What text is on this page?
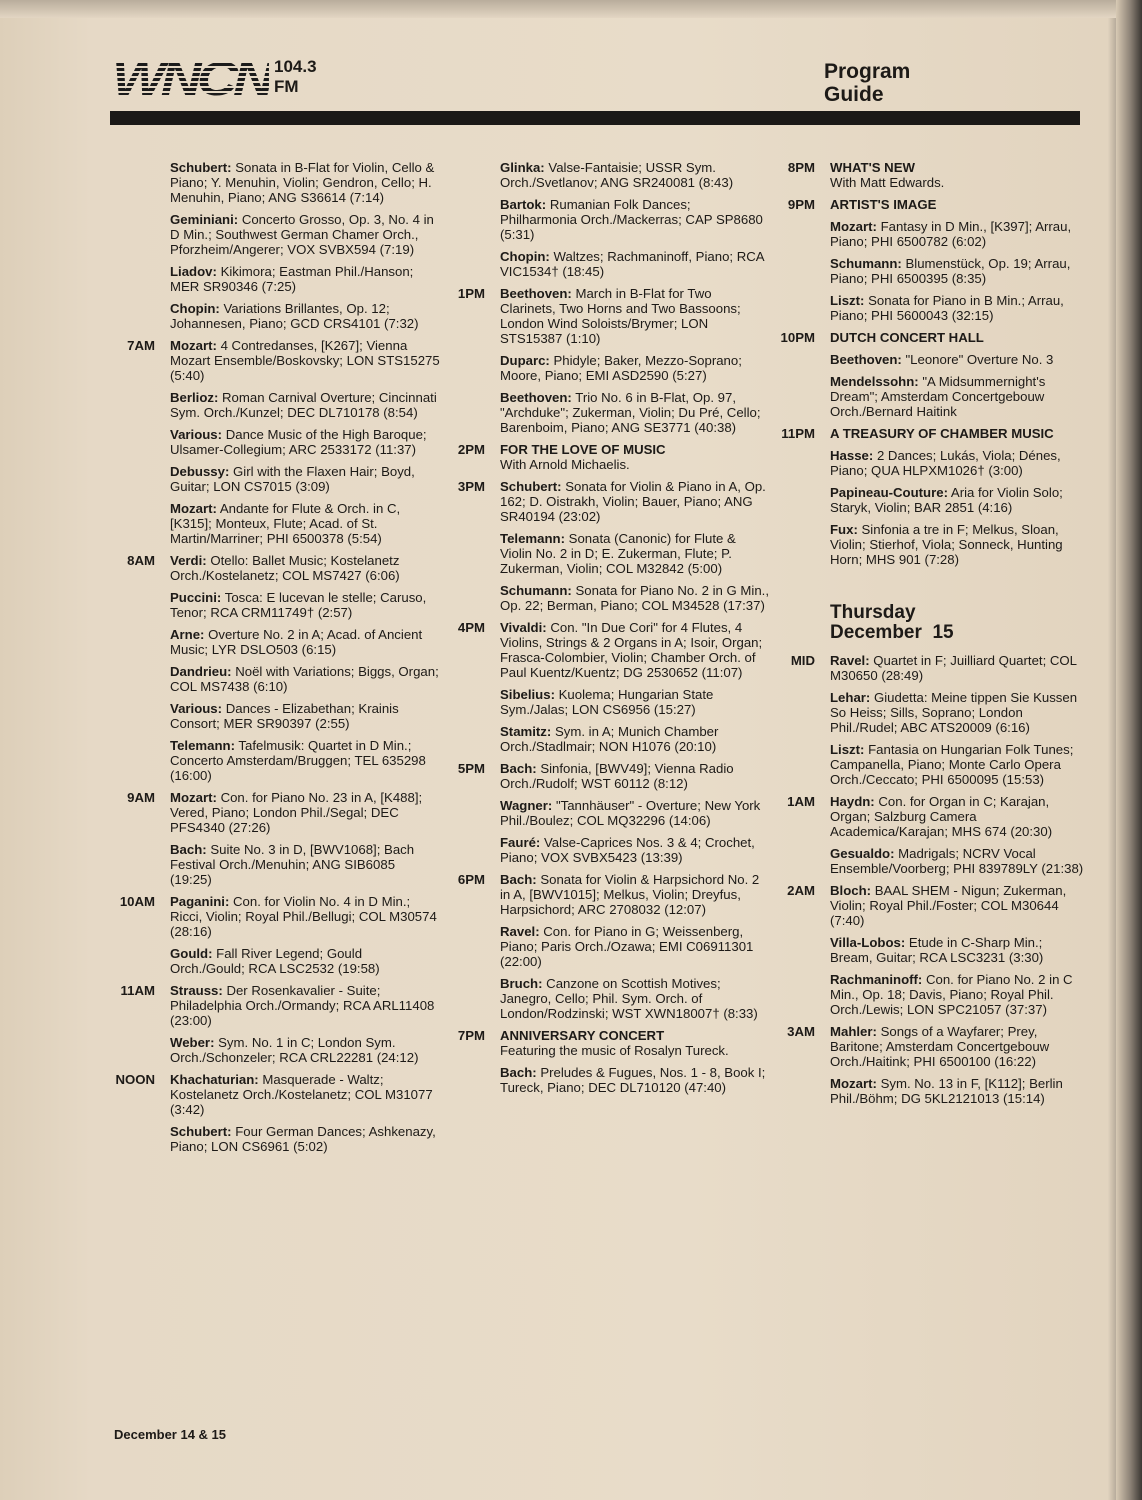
WNCN 104.3
FM
Program
Guide
Schubert: Sonata in B-Flat for Violin, Cello & Piano; Y. Menuhin, Violin; Gendron, Cello; H. Menuhin, Piano; ANG S36614 (7:14)
Geminiani: Concerto Grosso, Op. 3, No. 4 in D Min.; Southwest German Chamer Orch., Pforzheim/Angerer; VOX SVBX594 (7:19)
Liadov: Kikimora; Eastman Phil./Hanson; MER SR90346 (7:25)
Chopin: Variations Brillantes, Op. 12; Johannesen, Piano; GCD CRS4101 (7:32)
7AM Mozart: 4 Contredanses, [K267]; Vienna Mozart Ensemble/Boskovsky; LON STS15275 (5:40)
Berlioz: Roman Carnival Overture; Cincinnati Sym. Orch./Kunzel; DEC DL710178 (8:54)
Various: Dance Music of the High Baroque; Ulsamer-Collegium; ARC 2533172 (11:37)
Debussy: Girl with the Flaxen Hair; Boyd, Guitar; LON CS7015 (3:09)
Mozart: Andante for Flute & Orch. in C, [K315]; Monteux, Flute; Acad. of St. Martin/Marriner; PHI 6500378 (5:54)
8AM Verdi: Otello: Ballet Music; Kostelanetz Orch./Kostelanetz; COL MS7427 (6:06)
Puccini: Tosca: E lucevan le stelle; Caruso, Tenor; RCA CRM11749† (2:57)
Arne: Overture No. 2 in A; Acad. of Ancient Music; LYR DSLO503 (6:15)
Dandrieu: Noël with Variations; Biggs, Organ; COL MS7438 (6:10)
Various: Dances - Elizabethan; Krainis Consort; MER SR90397 (2:55)
Telemann: Tafelmusik: Quartet in D Min.; Concerto Amsterdam/Bruggen; TEL 635298 (16:00)
9AM Mozart: Con. for Piano No. 23 in A, [K488]; Vered, Piano; London Phil./Segal; DEC PFS4340 (27:26)
Bach: Suite No. 3 in D, [BWV1068]; Bach Festival Orch./Menuhin; ANG SIB6085 (19:25)
10AM Paganini: Con. for Violin No. 4 in D Min.; Ricci, Violin; Royal Phil./Bellugi; COL M30574 (28:16)
Gould: Fall River Legend; Gould Orch./Gould; RCA LSC2532 (19:58)
11AM Strauss: Der Rosenkavalier - Suite; Philadelphia Orch./Ormandy; RCA ARL11408 (23:00)
Weber: Sym. No. 1 in C; London Sym. Orch./Schonzeler; RCA CRL22281 (24:12)
NOON Khachaturian: Masquerade - Waltz; Kostelanetz Orch./Kostelanetz; COL M31077 (3:42)
Schubert: Four German Dances; Ashkenazy, Piano; LON CS6961 (5:02)
Glinka: Valse-Fantaisie; USSR Sym. Orch./Svetlanov; ANG SR240081 (8:43)
Bartok: Rumanian Folk Dances; Philharmonia Orch./Mackerras; CAP SP8680 (5:31)
Chopin: Waltzes; Rachmaninoff, Piano; RCA VIC1534† (18:45)
1PM Beethoven: March in B-Flat for Two Clarinets, Two Horns and Two Bassoons; London Wind Soloists/Brymer; LON STS15387 (1:10)
Duparc: Phidyle; Baker, Mezzo-Soprano; Moore, Piano; EMI ASD2590 (5:27)
Beethoven: Trio No. 6 in B-Flat, Op. 97, "Archduke"; Zukerman, Violin; Du Pré, Cello; Barenboim, Piano; ANG SE3771 (40:38)
2PM FOR THE LOVE OF MUSIC
With Arnold Michaelis.
3PM Schubert: Sonata for Violin & Piano in A, Op. 162; D. Oistrakh, Violin; Bauer, Piano; ANG SR40194 (23:02)
Telemann: Sonata (Canonic) for Flute & Violin No. 2 in D; E. Zukerman, Flute; P. Zukerman, Violin; COL M32842 (5:00)
Schumann: Sonata for Piano No. 2 in G Min., Op. 22; Berman, Piano; COL M34528 (17:37)
4PM Vivaldi: Con. "In Due Cori" for 4 Flutes, 4 Violins, Strings & 2 Organs in A; Isoir, Organ; Frasca-Colombier, Violin; Chamber Orch. of Paul Kuentz/Kuentz; DG 2530652 (11:07)
Sibelius: Kuolema; Hungarian State Sym./Jalas; LON CS6956 (15:27)
Stamitz: Sym. in A; Munich Chamber Orch./Stadlmair; NON H1076 (20:10)
5PM Bach: Sinfonia, [BWV49]; Vienna Radio Orch./Rudolf; WST 60112 (8:12)
Wagner: "Tannhäuser" - Overture; New York Phil./Boulez; COL MQ32296 (14:06)
Fauré: Valse-Caprices Nos. 3 & 4; Crochet, Piano; VOX SVBX5423 (13:39)
6PM Bach: Sonata for Violin & Harpsichord No. 2 in A, [BWV1015]; Melkus, Violin; Dreyfus, Harpsichord; ARC 2708032 (12:07)
Ravel: Con. for Piano in G; Weissenberg, Piano; Paris Orch./Ozawa; EMI C06911301 (22:00)
Bruch: Canzone on Scottish Motives; Janegro, Cello; Phil. Sym. Orch. of London/Rodzinski; WST XWN18007† (8:33)
7PM ANNIVERSARY CONCERT
Featuring the music of Rosalyn Tureck.
Bach: Preludes & Fugues, Nos. 1 - 8, Book I; Tureck, Piano; DEC DL710120 (47:40)
8PM WHAT'S NEW
With Matt Edwards.
9PM ARTIST'S IMAGE
Mozart: Fantasy in D Min., [K397]; Arrau, Piano; PHI 6500782 (6:02)
Schumann: Blumenstück, Op. 19; Arrau, Piano; PHI 6500395 (8:35)
Liszt: Sonata for Piano in B Min.; Arrau, Piano; PHI 5600043 (32:15)
10PM DUTCH CONCERT HALL
Beethoven: "Leonore" Overture No. 3
Mendelssohn: "A Midsummernight's Dream"; Amsterdam Concertgebouw Orch./Bernard Haitink
11PM A TREASURY OF CHAMBER MUSIC
Hasse: 2 Dances; Lukás, Viola; Dénes, Piano; QUA HLPXM1026† (3:00)
Papineau-Couture: Aria for Violin Solo; Staryk, Violin; BAR 2851 (4:16)
Fux: Sinfonia a tre in F; Melkus, Sloan, Violin; Stierhof, Viola; Sonneck, Hunting Horn; MHS 901 (7:28)
Thursday
December  15
MID Ravel: Quartet in F; Juilliard Quartet; COL M30650 (28:49)
Lehar: Giudetta: Meine tippen Sie Kussen So Heiss; Sills, Soprano; London Phil./Rudel; ABC ATS20009 (6:16)
Liszt: Fantasia on Hungarian Folk Tunes; Campanella, Piano; Monte Carlo Opera Orch./Ceccato; PHI 6500095 (15:53)
1AM Haydn: Con. for Organ in C; Karajan, Organ; Salzburg Camera Academica/Karajan; MHS 674 (20:30)
Gesualdo: Madrigals; NCRV Vocal Ensemble/Voorberg; PHI 839789LY (21:38)
2AM Bloch: BAAL SHEM - Nigun; Zukerman, Violin; Royal Phil./Foster; COL M30644 (7:40)
Villa-Lobos: Etude in C-Sharp Min.; Bream, Guitar; RCA LSC3231 (3:30)
Rachmaninoff: Con. for Piano No. 2 in C Min., Op. 18; Davis, Piano; Royal Phil. Orch./Lewis; LON SPC21057 (37:37)
3AM Mahler: Songs of a Wayfarer; Prey, Baritone; Amsterdam Concertgebouw Orch./Haitink; PHI 6500100 (16:22)
Mozart: Sym. No. 13 in F, [K112]; Berlin Phil./Böhm; DG 5KL2121013 (15:14)
December 14 & 15
